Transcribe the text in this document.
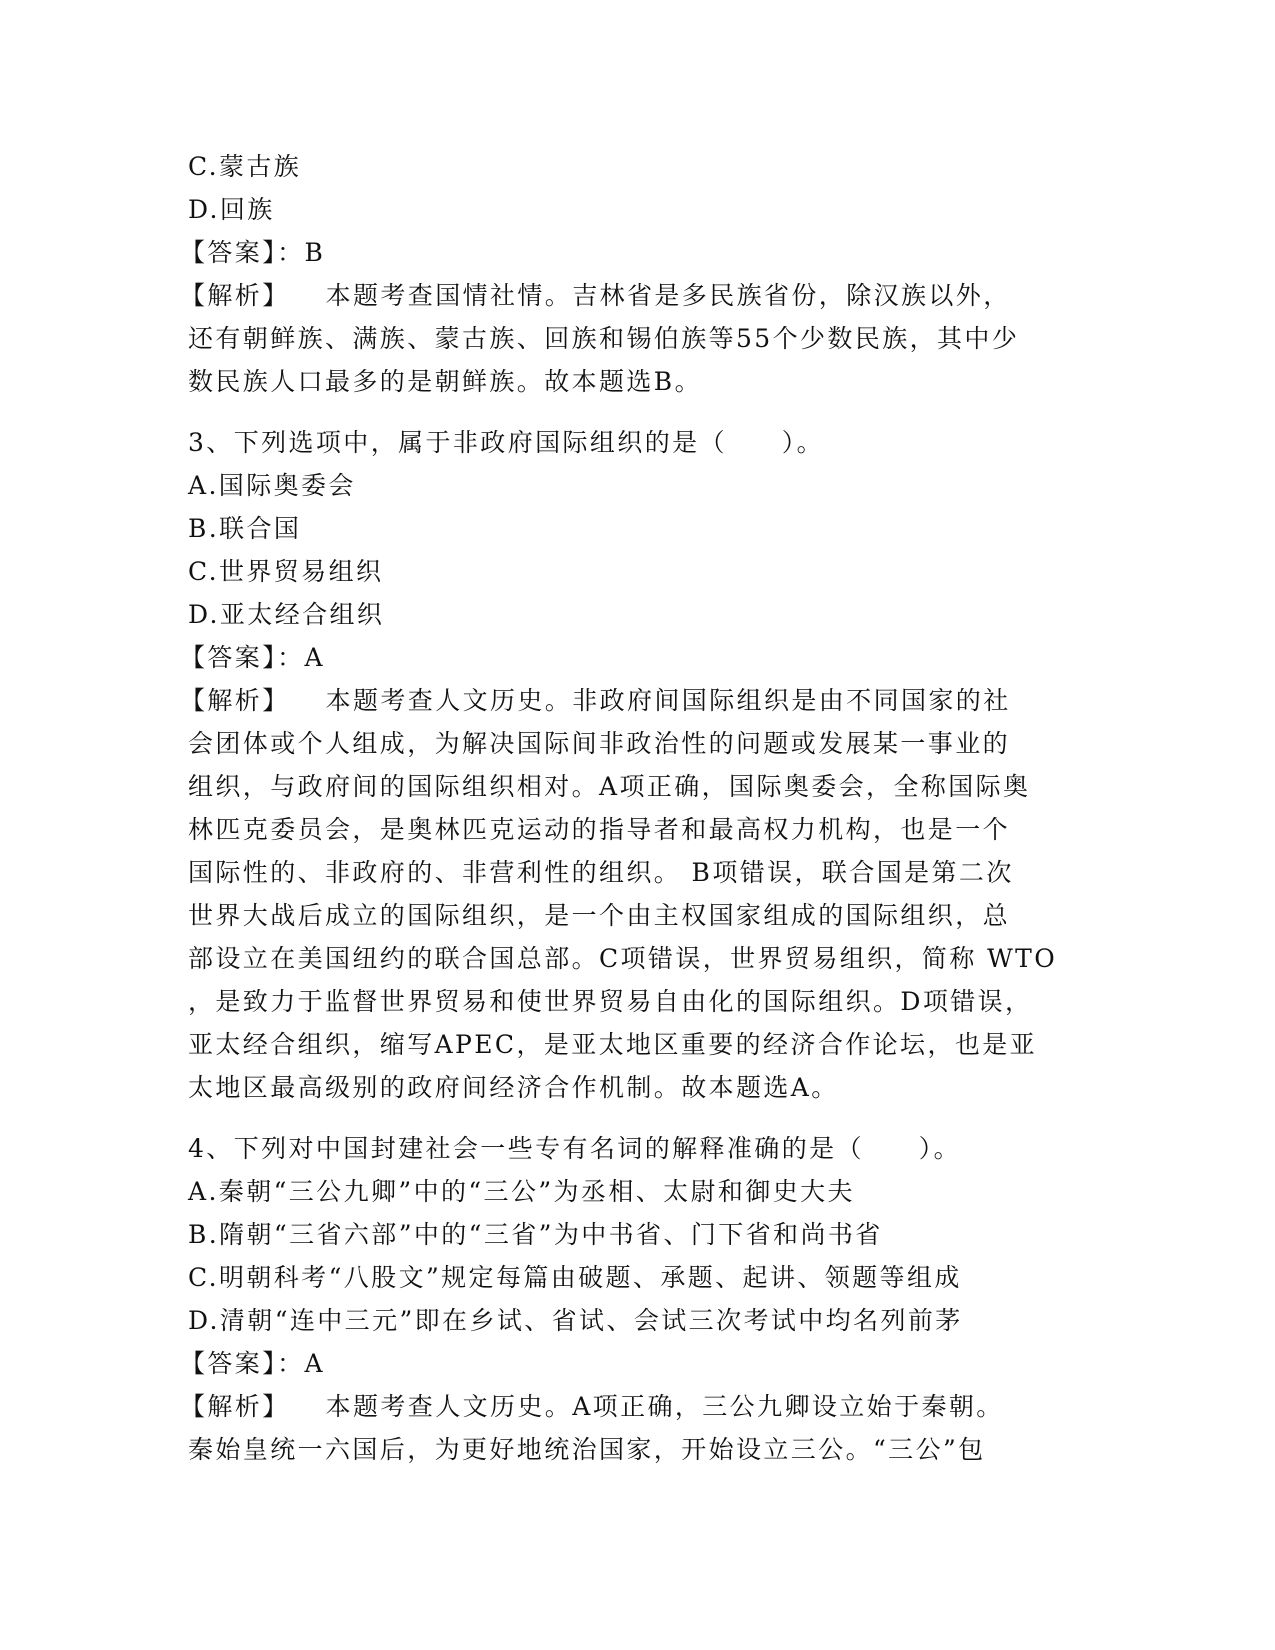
C.蒙古族
D.回族
【答案】：B
【解析】 本题考查国情社情。吉林省是多民族省份，除汉族以外，
还有朝鲜族、满族、蒙古族、回族和锡伯族等55个少数民族，其中少
数民族人口最多的是朝鲜族。故本题选B。
3、下列选项中，属于非政府国际组织的是（　　）。
A.国际奥委会
B.联合国
C.世界贸易组织
D.亚太经合组织
【答案】：A
【解析】 本题考查人文历史。非政府间国际组织是由不同国家的社
会团体或个人组成，为解决国际间非政治性的问题或发展某一事业的
组织，与政府间的国际组织相对。A项正确，国际奥委会，全称国际奥
林匹克委员会，是奥林匹克运动的指导者和最高权力机构，也是一个
国际性的、非政府的、非营利性的组织。 B项错误，联合国是第二次
世界大战后成立的国际组织，是一个由主权国家组成的国际组织，总
部设立在美国纽约的联合国总部。C项错误，世界贸易组织，简称 WTO
，是致力于监督世界贸易和使世界贸易自由化的国际组织。D项错误，
亚太经合组织，缩写APEC，是亚太地区重要的经济合作论坛，也是亚
太地区最高级别的政府间经济合作机制。故本题选A。
4、下列对中国封建社会一些专有名词的解释准确的是（　　）。
A.秦朝“三公九卿”中的“三公”为丞相、太尉和御史大夫
B.隋朝“三省六部”中的“三省”为中书省、门下省和尚书省
C.明朝科考“八股文”规定每篇由破题、承题、起讲、领题等组成
D.清朝“连中三元”即在乡试、省试、会试三次考试中均名列前茅
【答案】：A
【解析】 本题考查人文历史。A项正确，三公九卿设立始于秦朝。
秦始皇统一六国后，为更好地统治国家，开始设立三公。“三公”包
